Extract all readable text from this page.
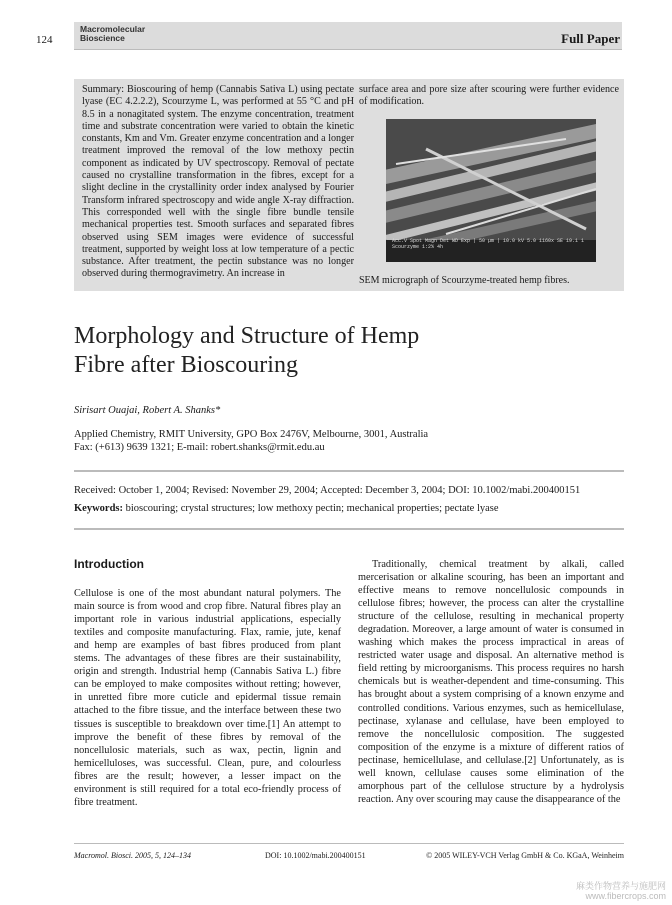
124
Macromolecular
Bioscience	Full Paper
Summary: Bioscouring of hemp (Cannabis Sativa L) using pectate lyase (EC 4.2.2.2), Scourzyme L, was performed at 55 °C and pH 8.5 in a nonagitated system. The enzyme concentration, treatment time and substrate concentration were varied to obtain the kinetic constants, Km and Vm. Greater enzyme concentration and a longer treatment improved the removal of the low methoxy pectin component as indicated by UV spectroscopy. Removal of pectate caused no crystalline transformation in the fibres, except for a slight decline in the crystallinity order index analysed by Fourier Transform infrared spectroscopy and wide angle X-ray diffraction. This corresponded well with the single fibre bundle tensile mechanical properties test. Smooth surfaces and separated fibres observed using SEM images were evidence of successful treatment, supported by weight loss at low temperature of a pectic substance. After treatment, the pectin substance was no longer observed during thermogravimetry. An increase in
surface area and pore size after scouring were further evidence of modification.
Acc.V Spot Magn Det WD Exp | 50 µm | 10.0 kV 5.0 1160x SE 19.1 1 Scourzyme 1:2% 4h
SEM micrograph of Scourzyme-treated hemp fibres.
Morphology and Structure of Hemp
Fibre after Bioscouring
Sirisart Ouajai, Robert A. Shanks*
Applied Chemistry, RMIT University, GPO Box 2476V, Melbourne, 3001, Australia
Fax: (+613) 9639 1321; E-mail: robert.shanks@rmit.edu.au
Received: October 1, 2004; Revised: November 29, 2004; Accepted: December 3, 2004; DOI: 10.1002/mabi.200400151
Keywords: bioscouring; crystal structures; low methoxy pectin; mechanical properties; pectate lyase
Introduction
Cellulose is one of the most abundant natural polymers. The main source is from wood and crop fibre. Natural fibres play an important role in various industrial applications, especially textiles and composite manufacturing. Flax, ramie, jute, kenaf and hemp are examples of bast fibres produced from plant stems. The advantages of these fibres are their sustainability, origin and strength. Industrial hemp (Cannabis Sativa L.) fibre can be employed to make composites without retting; however, in unretted fibre more cuticle and epidermal tissue remain attached to the fibre tissue, and the interface between these two tissues is susceptible to breakdown over time.[1] An attempt to improve the benefit of these fibres by removal of the noncellulosic materials, such as wax, pectin, lignin and hemicelluloses, was successful. Clean, pure, and colourless fibres are the result; however, a lesser impact on the environment is still required for a total eco-friendly process of fibre treatment.
Traditionally, chemical treatment by alkali, called mercerisation or alkaline scouring, has been an important and effective means to remove noncellulosic compounds in cellulose fibres; however, the process can alter the crystalline structure of the cellulose, resulting in mechanical property degradation. Moreover, a large amount of water is consumed in washing which makes the process impractical in areas of restricted water usage and disposal. An alternative method is field retting by microorganisms. This process requires no harsh chemicals but is weather-dependent and time-consuming. This has brought about a system comprising of a known enzyme and controlled conditions. Various enzymes, such as hemicellulase, pectinase, xylanase and cellulase, have been employed to remove the noncellulosic composition. The suggested composition of the enzyme is a mixture of different ratios of pectinase, hemicellulase, and cellulase.[2] Unfortunately, as is well known, cellulase causes some elimination of the amorphous part of the cellulose structure by a hydrolysis reaction. Any over scouring may cause the disappearance of the
Macromol. Biosci. 2005, 5, 124–134	DOI: 10.1002/mabi.200400151	© 2005 WILEY-VCH Verlag GmbH & Co. KGaA, Weinheim
麻类作物营养与施肥网
www.fibercrops.com
